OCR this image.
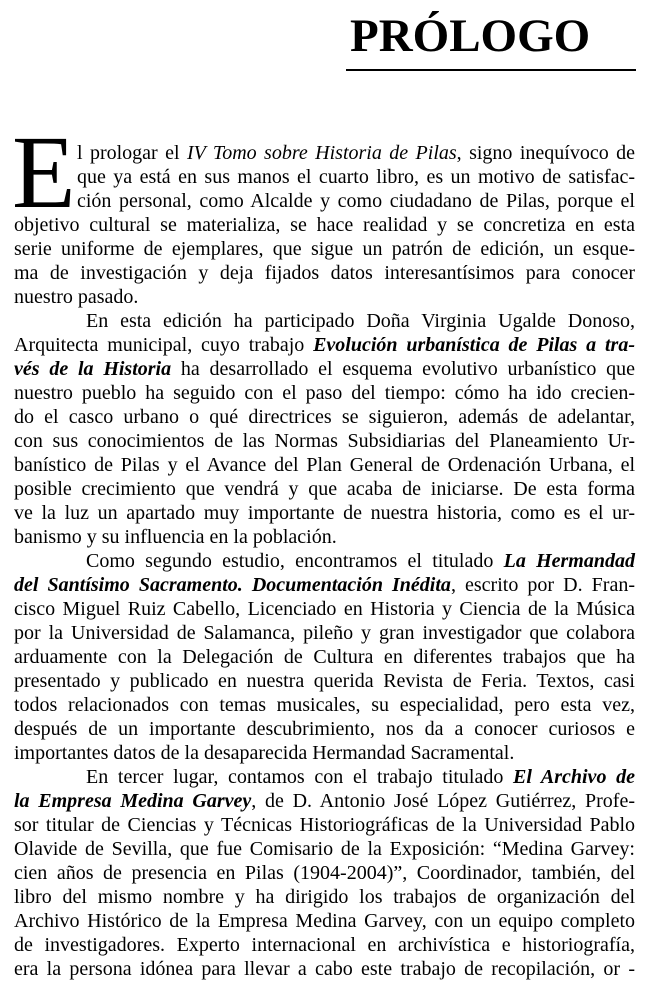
PRÓLOGO
E l prologar el IV Tomo sobre Historia de Pilas, signo inequívoco de
que ya está en sus manos el cuarto libro, es un motivo de satisfac-
ción personal, como Alcalde y como ciudadano de Pilas, porque el
objetivo cultural se materializa, se hace realidad y se concretiza en esta
serie uniforme de ejemplares, que sigue un patrón de edición, un esque-
ma de investigación y deja fijados datos interesantísimos para conocer
nuestro pasado.
En esta edición ha participado Doña Virginia Ugalde Donoso,
Arquitecta municipal, cuyo trabajo Evolución urbanística de Pilas a tra-
vés de la Historia ha desarrollado el esquema evolutivo urbanístico que
nuestro pueblo ha seguido con el paso del tiempo: cómo ha ido crecien-
do el casco urbano o qué directrices se siguieron, además de adelantar,
con sus conocimientos de las Normas Subsidiarias del Planeamiento Ur-
banístico de Pilas y el Avance del Plan General de Ordenación Urbana, el
posible crecimiento que vendrá y que acaba de iniciarse. De esta forma
ve la luz un apartado muy importante de nuestra historia, como es el ur-
banismo y su influencia en la población.
Como segundo estudio, encontramos el titulado La Hermandad
del Santísimo Sacramento. Documentación Inédita, escrito por D. Fran-
cisco Miguel Ruiz Cabello, Licenciado en Historia y Ciencia de la Música
por la Universidad de Salamanca, pileño y gran investigador que colabora
arduamente con la Delegación de Cultura en diferentes trabajos que ha
presentado y publicado en nuestra querida Revista de Feria. Textos, casi
todos relacionados con temas musicales, su especialidad, pero esta vez,
después de un importante descubrimiento, nos da a conocer curiosos e
importantes datos de la desaparecida Hermandad Sacramental.
En tercer lugar, contamos con el trabajo titulado El Archivo de
la Empresa Medina Garvey, de D. Antonio José López Gutiérrez, Profe-
sor titular de Ciencias y Técnicas Historiográficas de la Universidad Pablo
Olavide de Sevilla, que fue Comisario de la Exposición: “Medina Garvey:
cien años de presencia en Pilas (1904-2004)”, Coordinador, también, del
libro del mismo nombre y ha dirigido los trabajos de organización del
Archivo Histórico de la Empresa Medina Garvey, con un equipo completo
de investigadores. Experto internacional en archivística e historiografía,
era la persona idónea para llevar a cabo este trabajo de recopilación, or -
